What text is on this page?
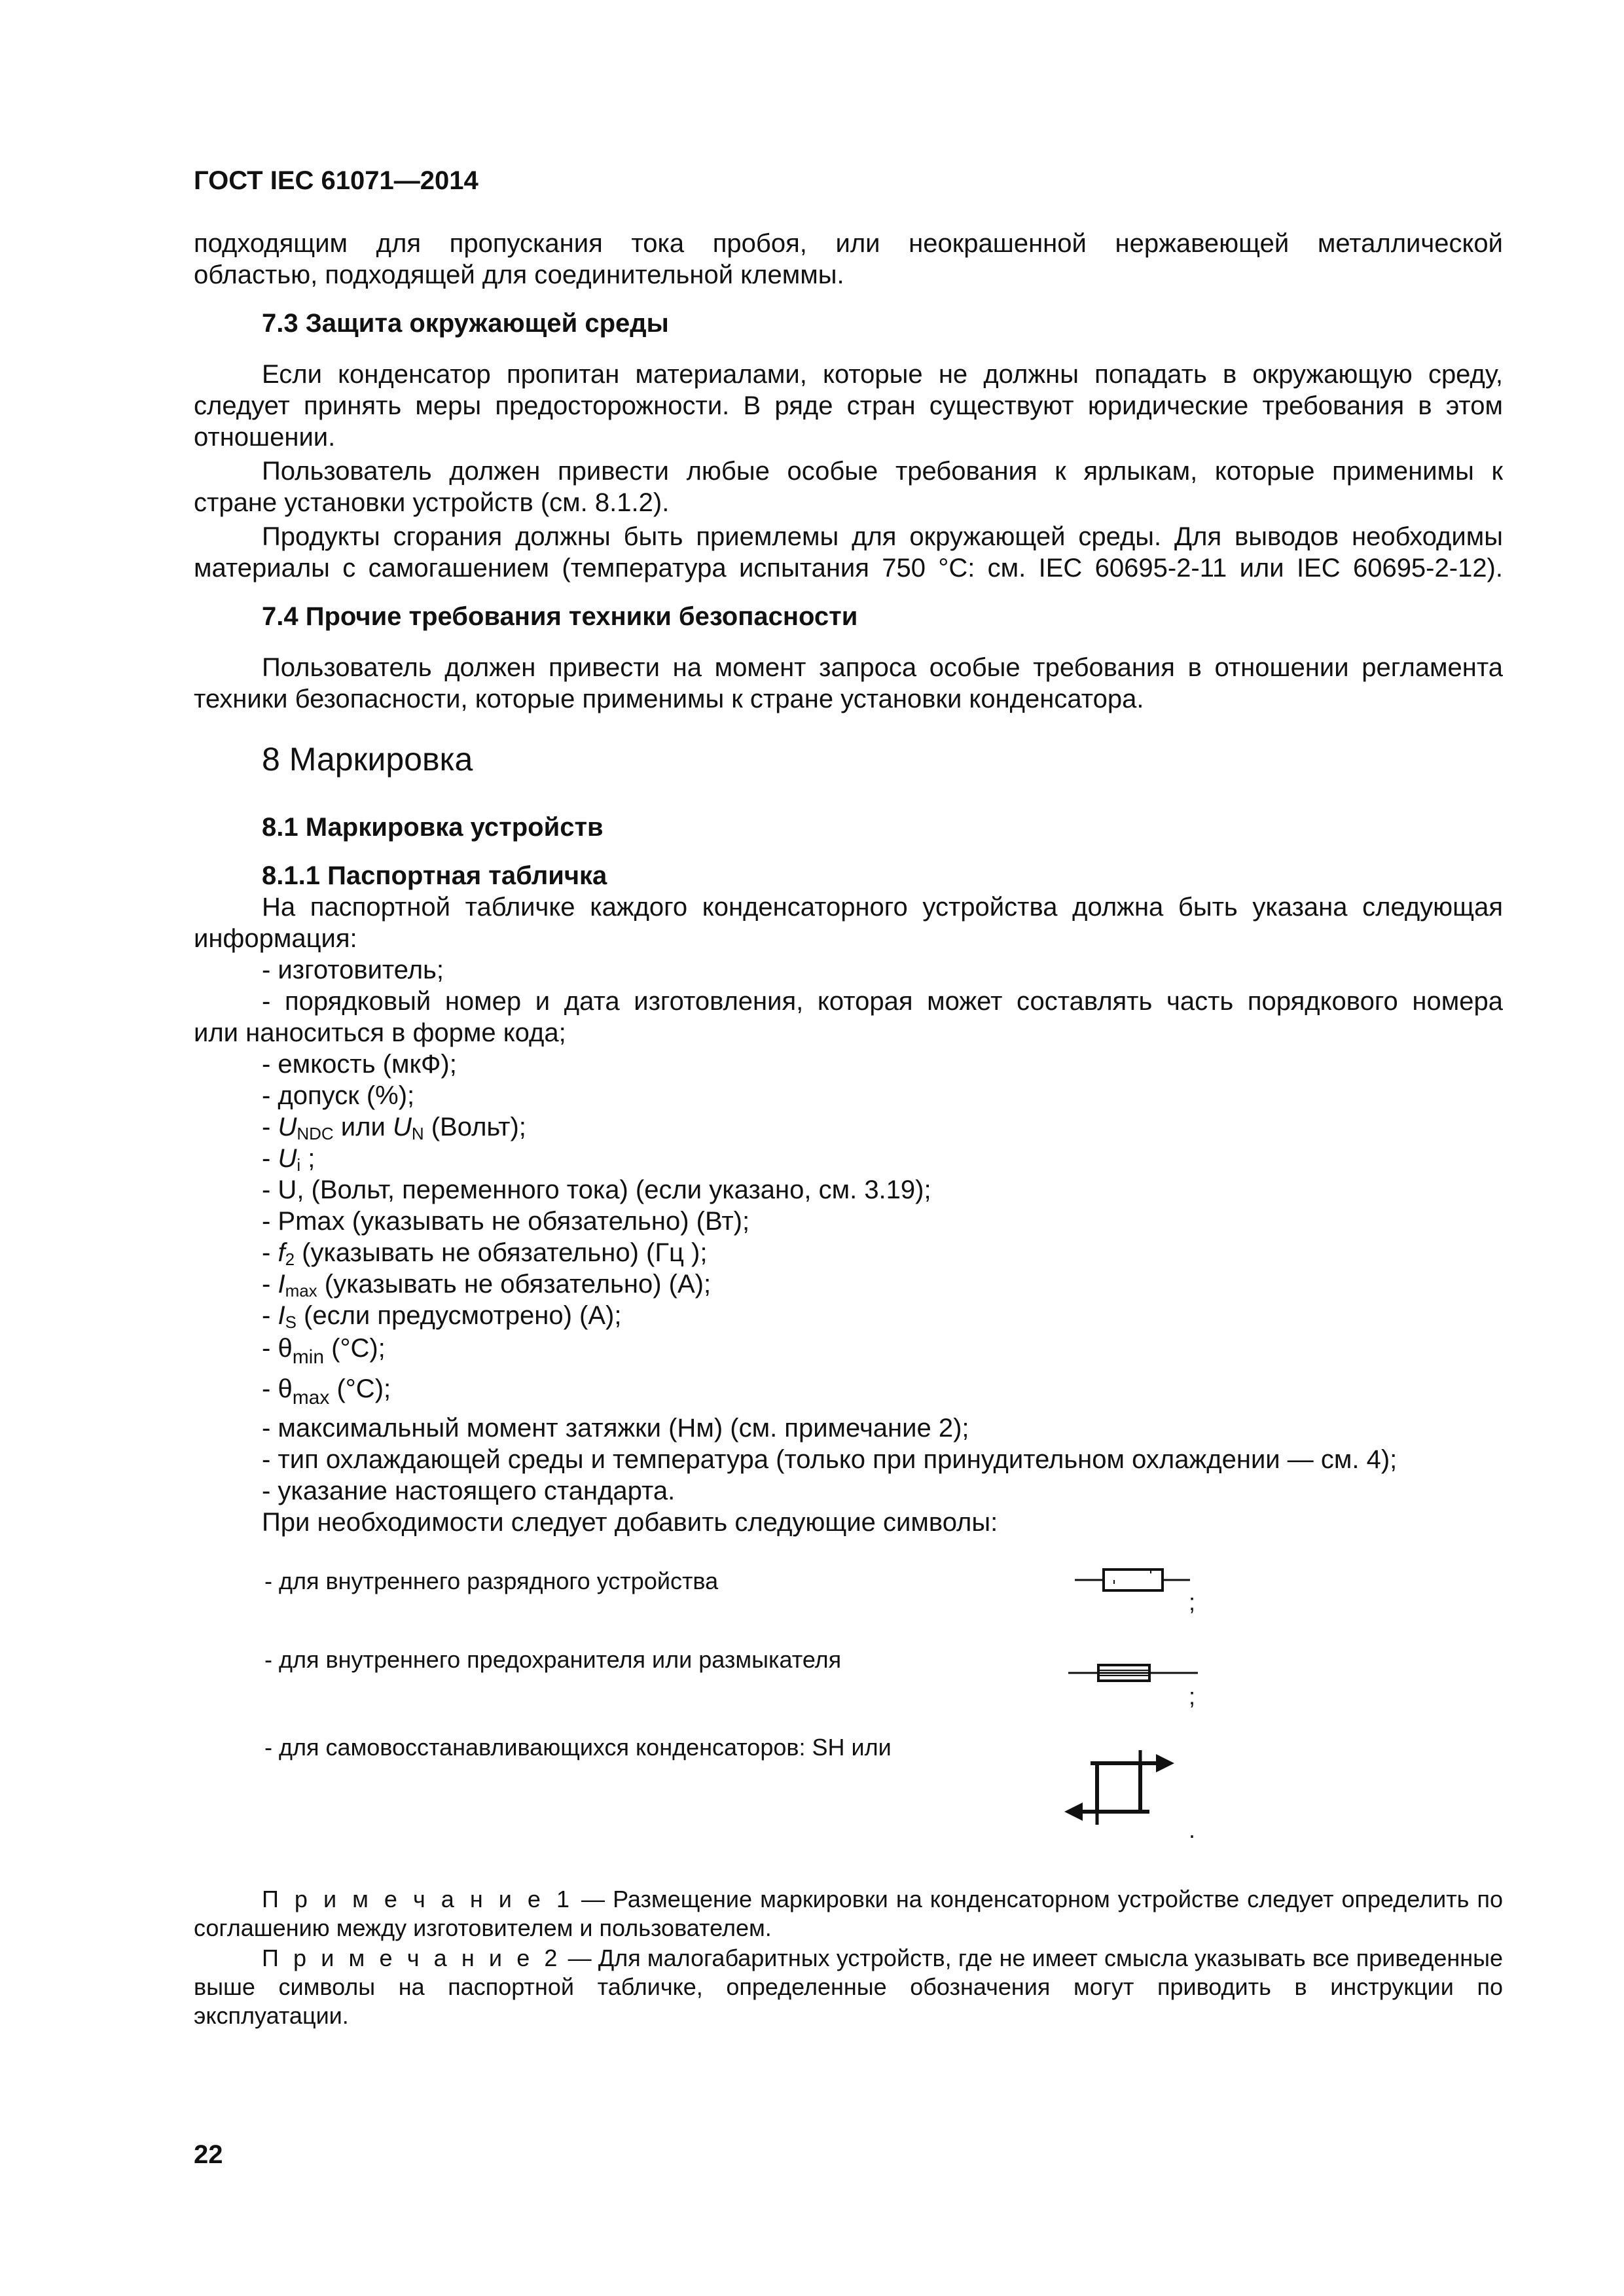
ГОСТ IEC 61071—2014
подходящим для пропускания тока пробоя, или неокрашенной нержавеющей металлической
областью, подходящей для соединительной клеммы.
7.3 Защита окружающей среды
Если конденсатор пропитан материалами, которые не должны попадать в окружающую среду,
следует принять меры предосторожности. В ряде стран существуют юридические требования в этом
отношении.
Пользователь должен привести любые особые требования к ярлыкам, которые применимы к
стране установки устройств (см. 8.1.2).
Продукты сгорания должны быть приемлемы для окружающей среды. Для выводов необходимы
материалы с самогашением (температура испытания 750 °С: см. IEC 60695-2-11 или IEC 60695-2-12).
7.4 Прочие требования техники безопасности
Пользователь должен привести на момент запроса особые требования в отношении регламента
техники безопасности, которые применимы к стране установки конденсатора.
8 Маркировка
8.1 Маркировка устройств
8.1.1 Паспортная табличка
На паспортной табличке каждого конденсаторного устройства должна быть указана следующая
информация:
- изготовитель;
- порядковый номер и дата изготовления, которая может составлять часть порядкового номера
или наноситься в форме кода;
- емкость (мкФ);
- допуск (%);
- $U_{NDC}$ или $U_N$ (Вольт);
- $U_i$ ;
- U, (Вольт, переменного тока) (если указано, см. 3.19);
- Pmax (указывать не обязательно) (Вт);
- $f_2$ (указывать не обязательно) (Гц );
- $I_{max}$ (указывать не обязательно) (А);
- $I_S$ (если предусмотрено) (А);
- $\theta_{min}$ (°С);
- $\theta_{max}$ (°С);
- максимальный момент затяжки (Нм) (см. примечание 2);
- тип охлаждающей среды и температура (только при принудительном охлаждении — см. 4);
- указание настоящего стандарта.
При необходимости следует добавить следующие символы:
- для внутреннего разрядного устройства
;
- для внутреннего предохранителя или размыкателя
;
- для самовосстанавливающихся конденсаторов: SH или
.
П р и м е ч а н и е 1 — Размещение маркировки на конденсаторном устройстве следует определить по
соглашению между изготовителем и пользователем.
П р и м е ч а н и е 2 — Для малогабаритных устройств, где не имеет смысла указывать все приведенные
выше символы на паспортной табличке, определенные обозначения могут приводить в инструкции по
эксплуатации.
22
